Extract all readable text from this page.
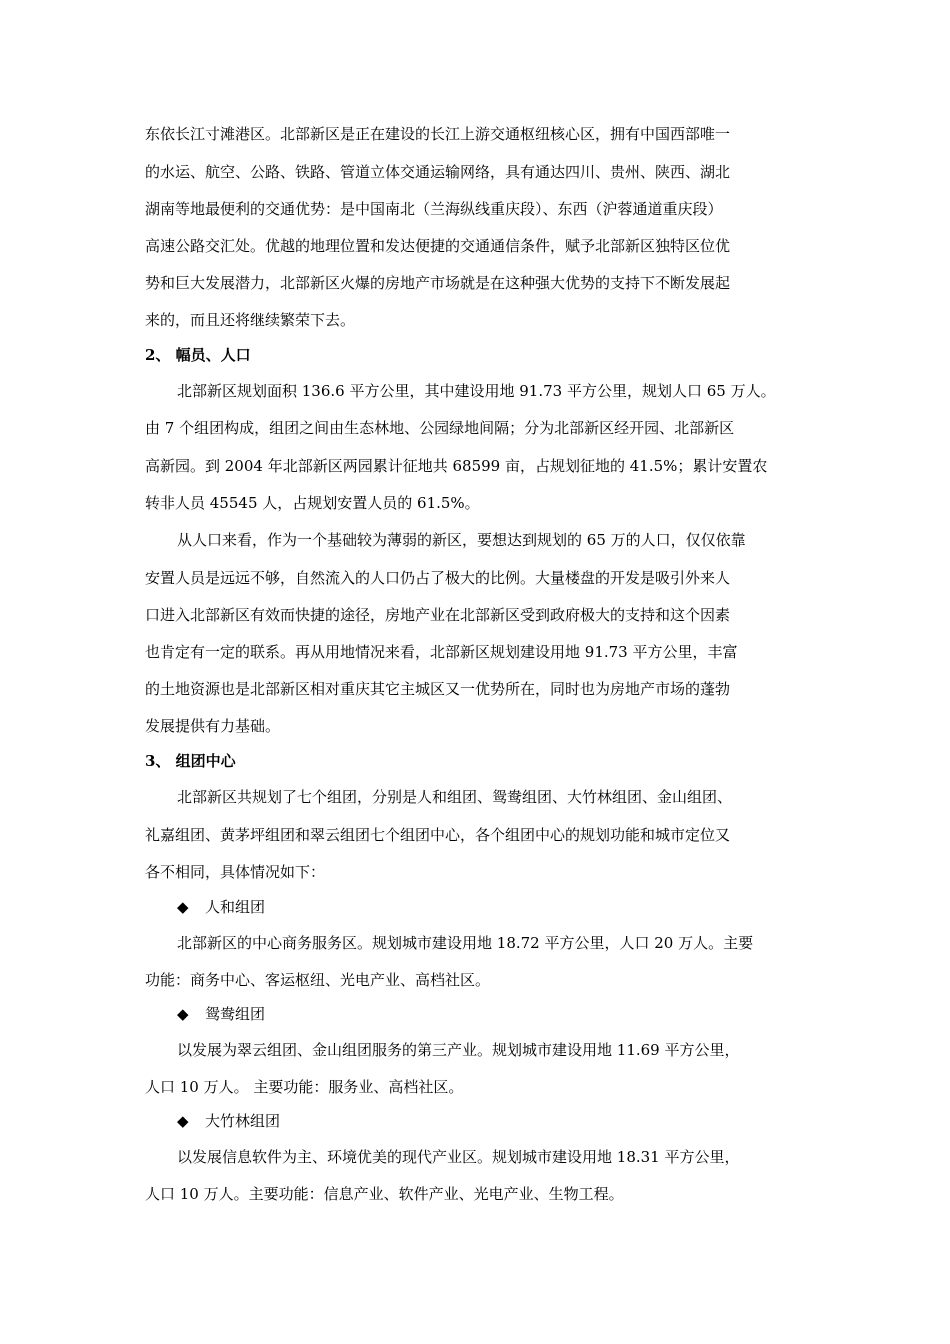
东依长江寸滩港区。北部新区是正在建设的长江上游交通枢纽核心区，拥有中国西部唯一
的水运、航空、公路、铁路、管道立体交通运输网络，具有通达四川、贵州、陕西、湖北
湖南等地最便利的交通优势：是中国南北（兰海纵线重庆段）、东西（沪蓉通道重庆段）
高速公路交汇处。优越的地理位置和发达便捷的交通通信条件，赋予北部新区独特区位优
势和巨大发展潜力，北部新区火爆的房地产市场就是在这种强大优势的支持下不断发展起
来的，而且还将继续繁荣下去。
2、 幅员、人口
北部新区规划面积 136.6 平方公里，其中建设用地 91.73 平方公里，规划人口 65 万人。
由 7 个组团构成，组团之间由生态林地、公园绿地间隔；分为北部新区经开园、北部新区
高新园。到 2004 年北部新区两园累计征地共 68599 亩，占规划征地的 41.5%；累计安置农
转非人员 45545 人，占规划安置人员的 61.5%。
从人口来看，作为一个基础较为薄弱的新区，要想达到规划的 65 万的人口，仅仅依靠
安置人员是远远不够，自然流入的人口仍占了极大的比例。大量楼盘的开发是吸引外来人
口进入北部新区有效而快捷的途径，房地产业在北部新区受到政府极大的支持和这个因素
也肯定有一定的联系。再从用地情况来看，北部新区规划建设用地 91.73 平方公里，丰富
的土地资源也是北部新区相对重庆其它主城区又一优势所在，同时也为房地产市场的蓬勃
发展提供有力基础。
3、 组团中心
北部新区共规划了七个组团，分别是人和组团、鸳鸯组团、大竹林组团、金山组团、
礼嘉组团、黄茅坪组团和翠云组团七个组团中心，各个组团中心的规划功能和城市定位又
各不相同，具体情况如下：
◆ 人和组团
北部新区的中心商务服务区。规划城市建设用地 18.72 平方公里，人口 20 万人。主要
功能：商务中心、客运枢纽、光电产业、高档社区。
◆ 鸳鸯组团
以发展为翠云组团、金山组团服务的第三产业。规划城市建设用地 11.69 平方公里，
人口 10 万人。 主要功能：服务业、高档社区。
◆ 大竹林组团
以发展信息软件为主、环境优美的现代产业区。规划城市建设用地 18.31 平方公里，
人口 10 万人。主要功能：信息产业、软件产业、光电产业、生物工程。
